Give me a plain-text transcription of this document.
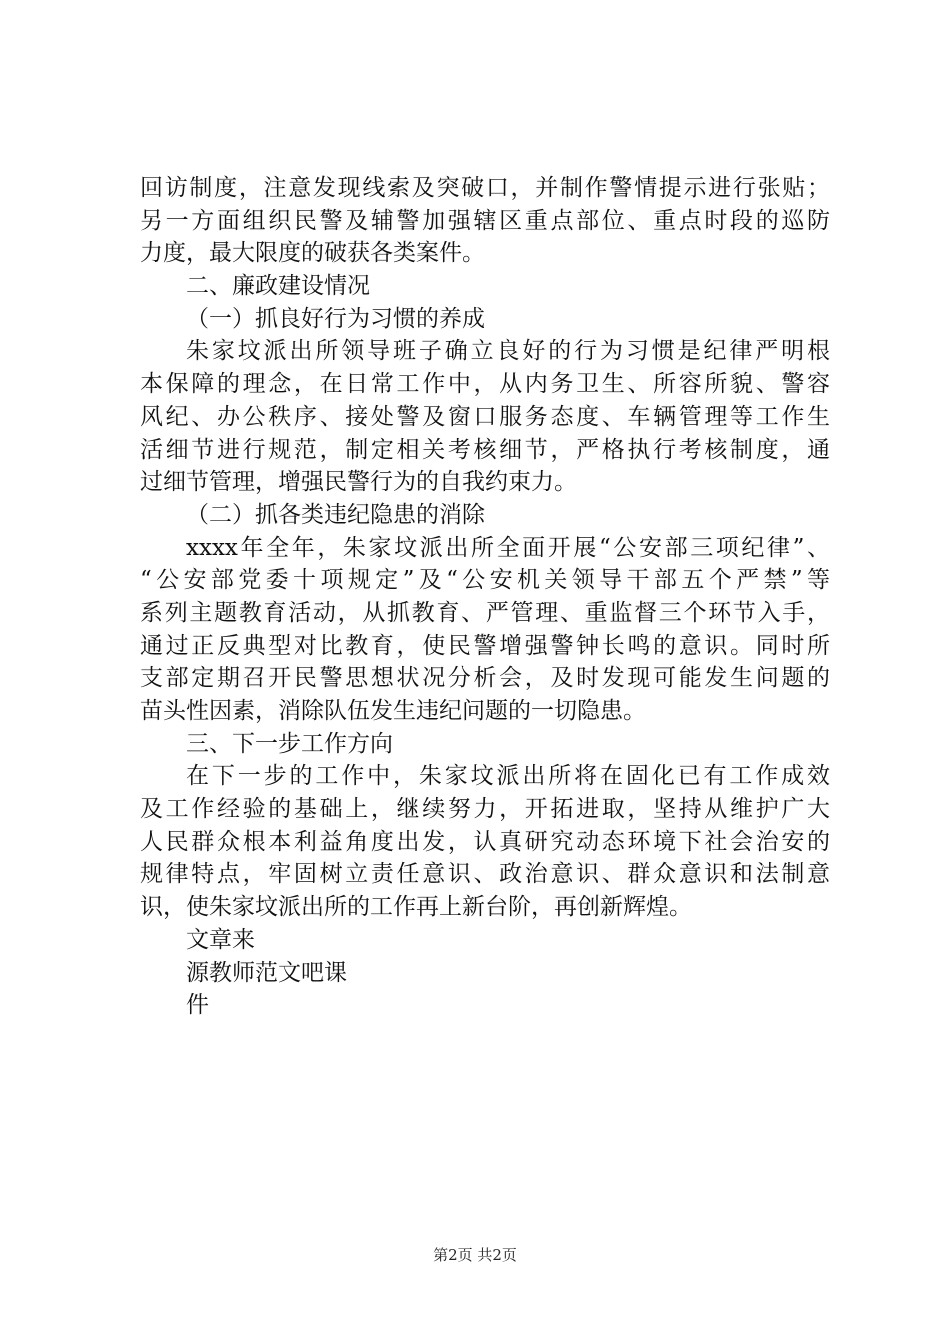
回访制度，注意发现线索及突破口，并制作警情提示进行张贴；
另一方面组织民警及辅警加强辖区重点部位、重点时段的巡防
力度，最大限度的破获各类案件。
二、廉政建设情况
（一）抓良好行为习惯的养成
朱家坟派出所领导班子确立良好的行为习惯是纪律严明根
本保障的理念，在日常工作中，从内务卫生、所容所貌、警容
风纪、办公秩序、接处警及窗口服务态度、车辆管理等工作生
活细节进行规范，制定相关考核细节，严格执行考核制度，通
过细节管理，增强民警行为的自我约束力。
（二）抓各类违纪隐患的消除
xxxx年全年，朱家坟派出所全面开展“公安部三项纪律”、
“公安部党委十项规定”及“公安机关领导干部五个严禁”等
系列主题教育活动，从抓教育、严管理、重监督三个环节入手，
通过正反典型对比教育，使民警增强警钟长鸣的意识。同时所
支部定期召开民警思想状况分析会，及时发现可能发生问题的
苗头性因素，消除队伍发生违纪问题的一切隐患。
三、下一步工作方向
在下一步的工作中，朱家坟派出所将在固化已有工作成效
及工作经验的基础上，继续努力，开拓进取，坚持从维护广大
人民群众根本利益角度出发，认真研究动态环境下社会治安的
规律特点，牢固树立责任意识、政治意识、群众意识和法制意
识，使朱家坟派出所的工作再上新台阶，再创新辉煌。
文章来
源教师范文吧课
件
第2页 共2页
